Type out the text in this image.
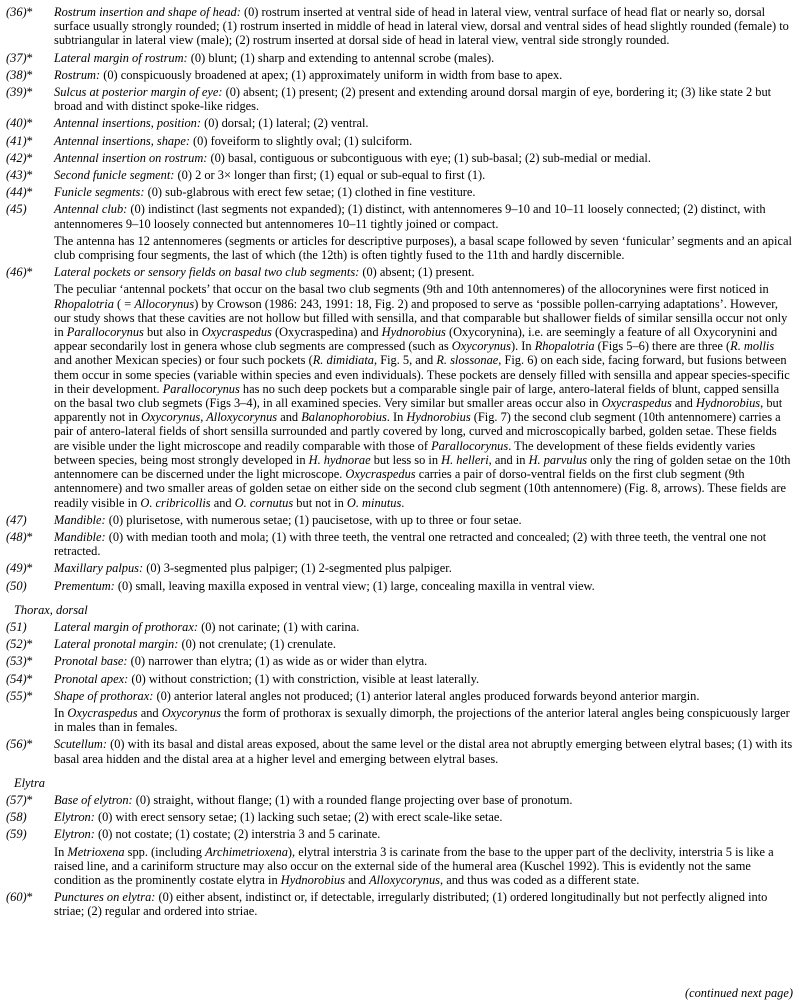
(36)* Rostrum insertion and shape of head: (0) rostrum inserted at ventral side of head in lateral view, ventral surface of head flat or nearly so, dorsal surface usually strongly rounded; (1) rostrum inserted in middle of head in lateral view, dorsal and ventral sides of head slightly rounded (female) to subtriangular in lateral view (male); (2) rostrum inserted at dorsal side of head in lateral view, ventral side strongly rounded.
(37)* Lateral margin of rostrum: (0) blunt; (1) sharp and extending to antennal scrobe (males).
(38)* Rostrum: (0) conspicuously broadened at apex; (1) approximately uniform in width from base to apex.
(39)* Sulcus at posterior margin of eye: (0) absent; (1) present; (2) present and extending around dorsal margin of eye, bordering it; (3) like state 2 but broad and with distinct spoke-like ridges.
(40)* Antennal insertions, position: (0) dorsal; (1) lateral; (2) ventral.
(41)* Antennal insertions, shape: (0) foveiform to slightly oval; (1) sulciform.
(42)* Antennal insertion on rostrum: (0) basal, contiguous or subcontiguous with eye; (1) sub-basal; (2) sub-medial or medial.
(43)* Second funicle segment: (0) 2 or 3× longer than first; (1) equal or sub-equal to first (1).
(44)* Funicle segments: (0) sub-glabrous with erect few setae; (1) clothed in fine vestiture.
(45) Antennal club: (0) indistinct (last segments not expanded); (1) distinct, with antennomeres 9–10 and 10–11 loosely connected; (2) distinct, with antennomeres 9–10 loosely connected but antennomeres 10–11 tightly joined or compact.
The antenna has 12 antennomeres (segments or articles for descriptive purposes), a basal scape followed by seven ‘funicular’ segments and an apical club comprising four segments, the last of which (the 12th) is often tightly fused to the 11th and hardly discernible.
(46)* Lateral pockets or sensory fields on basal two club segments: (0) absent; (1) present.
The peculiar ‘antennal pockets’ that occur on the basal two club segments (9th and 10th antennomeres) of the allocorynines were first noticed in Rhopalotria ( = Allocorynus) by Crowson (1986: 243, 1991: 18, Fig. 2) and proposed to serve as ‘possible pollen-carrying adaptations’. However, our study shows that these cavities are not hollow but filled with sensilla, and that comparable but shallower fields of similar sensilla occur not only in Parallocorynus but also in Oxycraspedus (Oxycraspedina) and Hydnorobius (Oxycorynina), i.e. are seemingly a feature of all Oxycorynini and appear secondarily lost in genera whose club segments are compressed (such as Oxycorynus). In Rhopalotria (Figs 5–6) there are three (R. mollis and another Mexican species) or four such pockets (R. dimidiata, Fig. 5, and R. slossonae, Fig. 6) on each side, facing forward, but fusions between them occur in some species (variable within species and even individuals). These pockets are densely filled with sensilla and appear species-specific in their development. Parallocorynus has no such deep pockets but a comparable single pair of large, antero-lateral fields of blunt, capped sensilla on the basal two club segmets (Figs 3–4), in all examined species. Very similar but smaller areas occur also in Oxycraspedus and Hydnorobius, but apparently not in Oxycorynus, Alloxycorynus and Balanophorobius. In Hydnorobius (Fig. 7) the second club segment (10th antennomere) carries a pair of antero-lateral fields of short sensilla surrounded and partly covered by long, curved and microscopically barbed, golden setae. These fields are visible under the light microscope and readily comparable with those of Parallocorynus. The development of these fields evidently varies between species, being most strongly developed in H. hydnorae but less so in H. helleri, and in H. parvulus only the ring of golden setae on the 10th antennomere can be discerned under the light microscope. Oxycraspedus carries a pair of dorso-ventral fields on the first club segment (9th antennomere) and two smaller areas of golden setae on either side on the second club segment (10th antennomere) (Fig. 8, arrows). These fields are readily visible in O. cribricollis and O. cornutus but not in O. minutus.
(47) Mandible: (0) plurisetose, with numerous setae; (1) paucisetose, with up to three or four setae.
(48)* Mandible: (0) with median tooth and mola; (1) with three teeth, the ventral one retracted and concealed; (2) with three teeth, the ventral one not retracted.
(49)* Maxillary palpus: (0) 3-segmented plus palpiger; (1) 2-segmented plus palpiger.
(50) Prementum: (0) small, leaving maxilla exposed in ventral view; (1) large, concealing maxilla in ventral view.
Thorax, dorsal
(51) Lateral margin of prothorax: (0) not carinate; (1) with carina.
(52)* Lateral pronotal margin: (0) not crenulate; (1) crenulate.
(53)* Pronotal base: (0) narrower than elytra; (1) as wide as or wider than elytra.
(54)* Pronotal apex: (0) without constriction; (1) with constriction, visible at least laterally.
(55)* Shape of prothorax: (0) anterior lateral angles not produced; (1) anterior lateral angles produced forwards beyond anterior margin.
In Oxycraspedus and Oxycorynus the form of prothorax is sexually dimorph, the projections of the anterior lateral angles being conspicuously larger in males than in females.
(56)* Scutellum: (0) with its basal and distal areas exposed, about the same level or the distal area not abruptly emerging between elytral bases; (1) with its basal area hidden and the distal area at a higher level and emerging between elytral bases.
Elytra
(57)* Base of elytron: (0) straight, without flange; (1) with a rounded flange projecting over base of pronotum.
(58) Elytron: (0) with erect sensory setae; (1) lacking such setae; (2) with erect scale-like setae.
(59) Elytron: (0) not costate; (1) costate; (2) interstria 3 and 5 carinate.
In Metrioxena spp. (including Archimetrioxena), elytral interstria 3 is carinate from the base to the upper part of the declivity, interstria 5 is like a raised line, and a cariniform structure may also occur on the external side of the humeral area (Kuschel 1992). This is evidently not the same condition as the prominently costate elytra in Hydnorobius and Alloxycorynus, and thus was coded as a different state.
(60)* Punctures on elytra: (0) either absent, indistinct or, if detectable, irregularly distributed; (1) ordered longitudinally but not perfectly aligned into striae; (2) regular and ordered into striae.
(continued next page)
